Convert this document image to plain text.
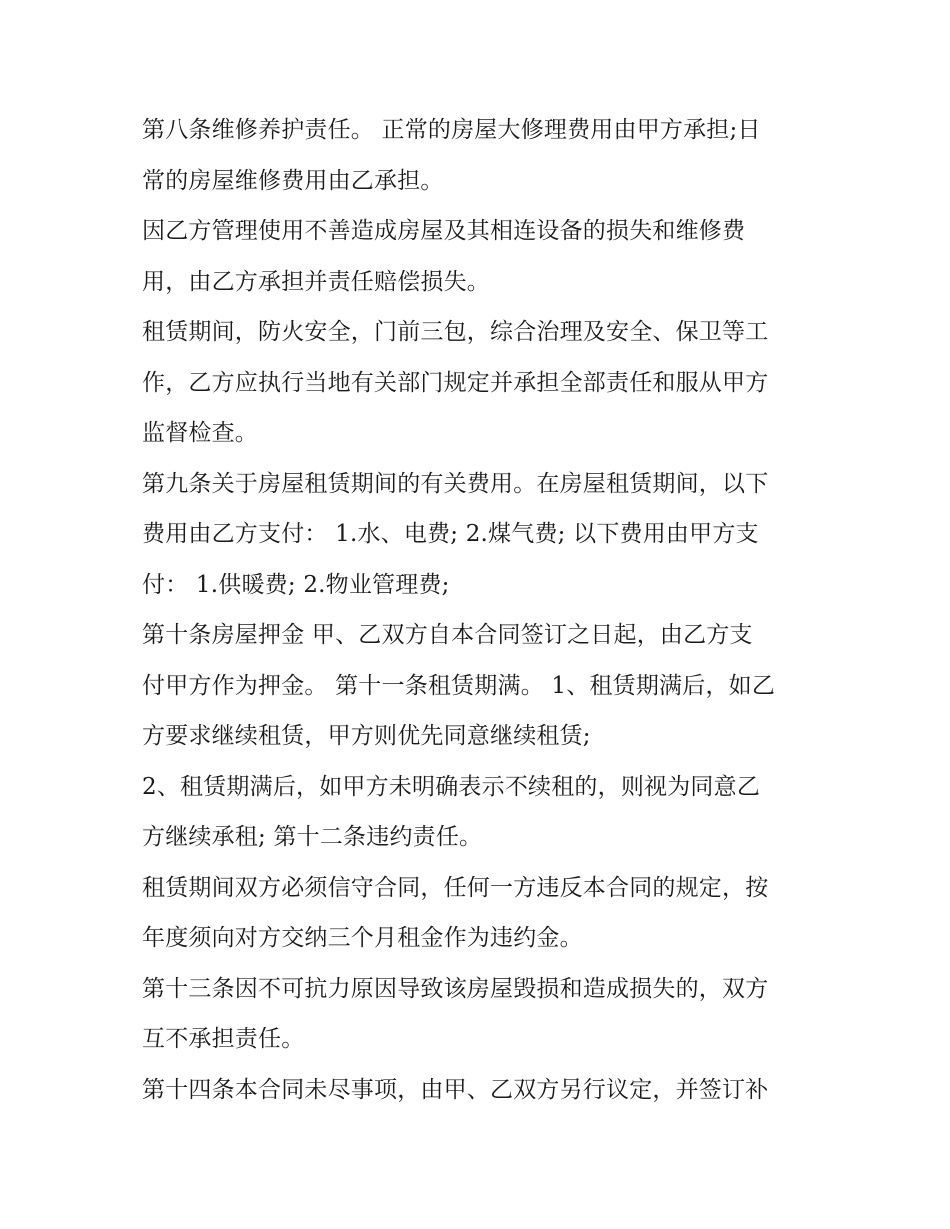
第八条维修养护责任。 正常的房屋大修理费用由甲方承担;日
常的房屋维修费用由乙承担。

因乙方管理使用不善造成房屋及其相连设备的损失和维修费
用，由乙方承担并责任赔偿损失。

租赁期间，防火安全，门前三包，综合治理及安全、保卫等工
作，乙方应执行当地有关部门规定并承担全部责任和服从甲方
监督检查。

第九条关于房屋租赁期间的有关费用。在房屋租赁期间，以下
费用由乙方支付： 1.水、电费; 2.煤气费; 以下费用由甲方支
付： 1.供暖费; 2.物业管理费;

第十条房屋押金 甲、乙双方自本合同签订之日起，由乙方支
付甲方作为押金。 第十一条租赁期满。 1、租赁期满后，如乙
方要求继续租赁，甲方则优先同意继续租赁;

2、租赁期满后，如甲方未明确表示不续租的，则视为同意乙
方继续承租; 第十二条违约责任。

租赁期间双方必须信守合同，任何一方违反本合同的规定，按
年度须向对方交纳三个月租金作为违约金。

第十三条因不可抗力原因导致该房屋毁损和造成损失的，双方
互不承担责任。

第十四条本合同未尽事项，由甲、乙双方另行议定，并签订补
